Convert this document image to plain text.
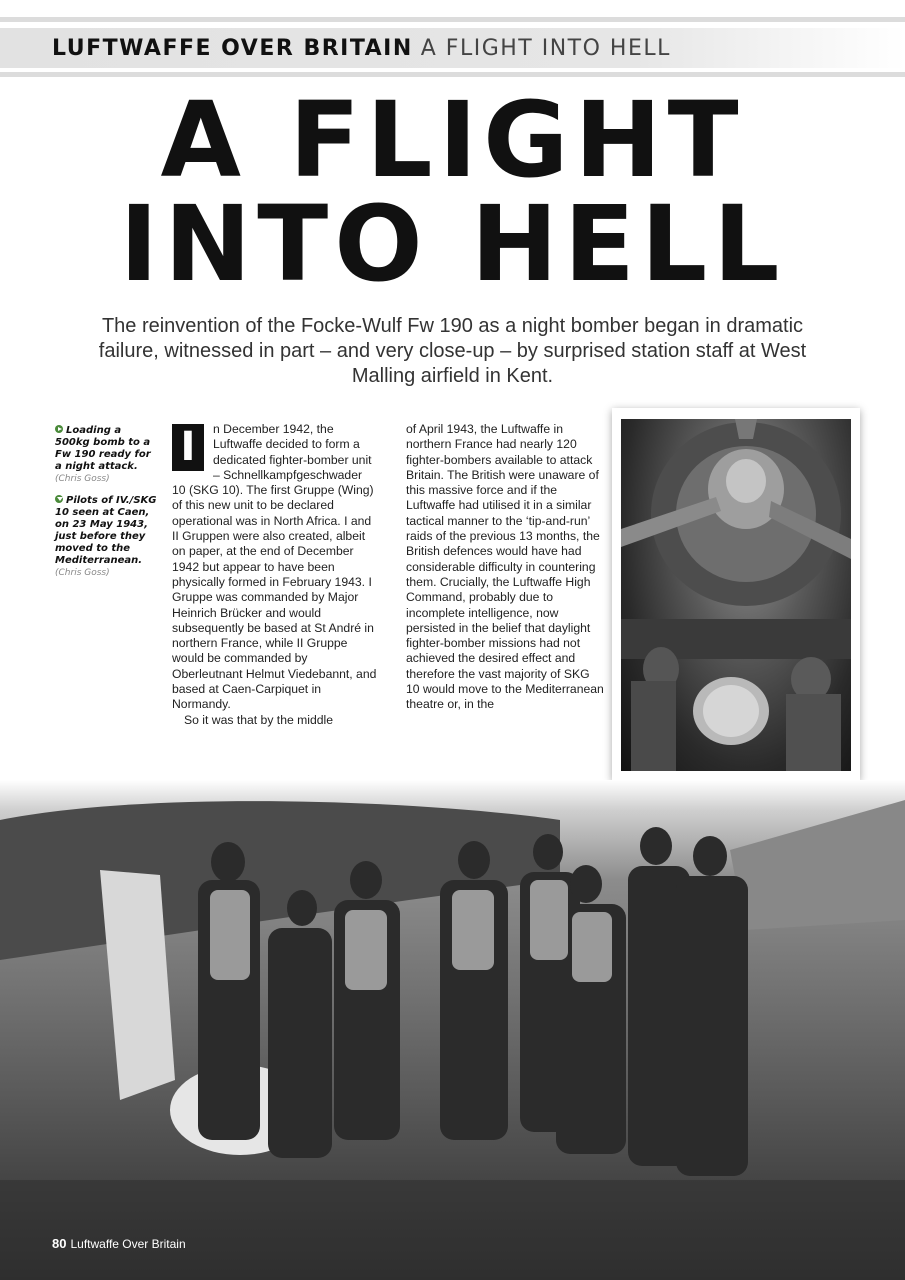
LUFTWAFFE OVER BRITAIN A FLIGHT INTO HELL
A FLIGHT
INTO HELL
The reinvention of the Focke-Wulf Fw 190 as a night bomber began in dramatic failure, witnessed in part – and very close-up – by surprised station staff at West Malling airfield in Kent.
Loading a 500kg bomb to a Fw 190 ready for a night attack. (Chris Goss)
Pilots of IV./SKG 10 seen at Caen, on 23 May 1943, just before they moved to the Mediterranean. (Chris Goss)
I	n December 1942, the Luftwaffe decided to form a dedicated fighter-bomber unit – Schnellkampfgeschwader 10 (SKG 10). The first Gruppe (Wing) of this new unit to be declared operational was in North Africa. I and II Gruppen were also created, albeit on paper, at the end of December 1942 but appear to have been physically formed in February 1943. I Gruppe was commanded by Major Heinrich Brücker and would subsequently be based at St André in northern France, while II Gruppe would be commanded by Oberleutnant Helmut Viedebannt, and based at Caen-Carpiquet in Normandy.

So it was that by the middle

of April 1943, the Luftwaffe in northern France had nearly 120 fighter-bombers available to attack Britain. The British were unaware of this massive force and if the Luftwaffe had utilised it in a similar tactical manner to the ‘tip-and-run’ raids of the previous 13 months, the British defences would have had considerable difficulty in countering them. Crucially, the Luftwaffe High Command, probably due to incomplete intelligence, now persisted in the belief that daylight fighter-bomber missions had not achieved the desired effect and therefore the vast majority of SKG 10 would move to the Mediterranean theatre or, in the

80 Luftwaffe Over Britain
